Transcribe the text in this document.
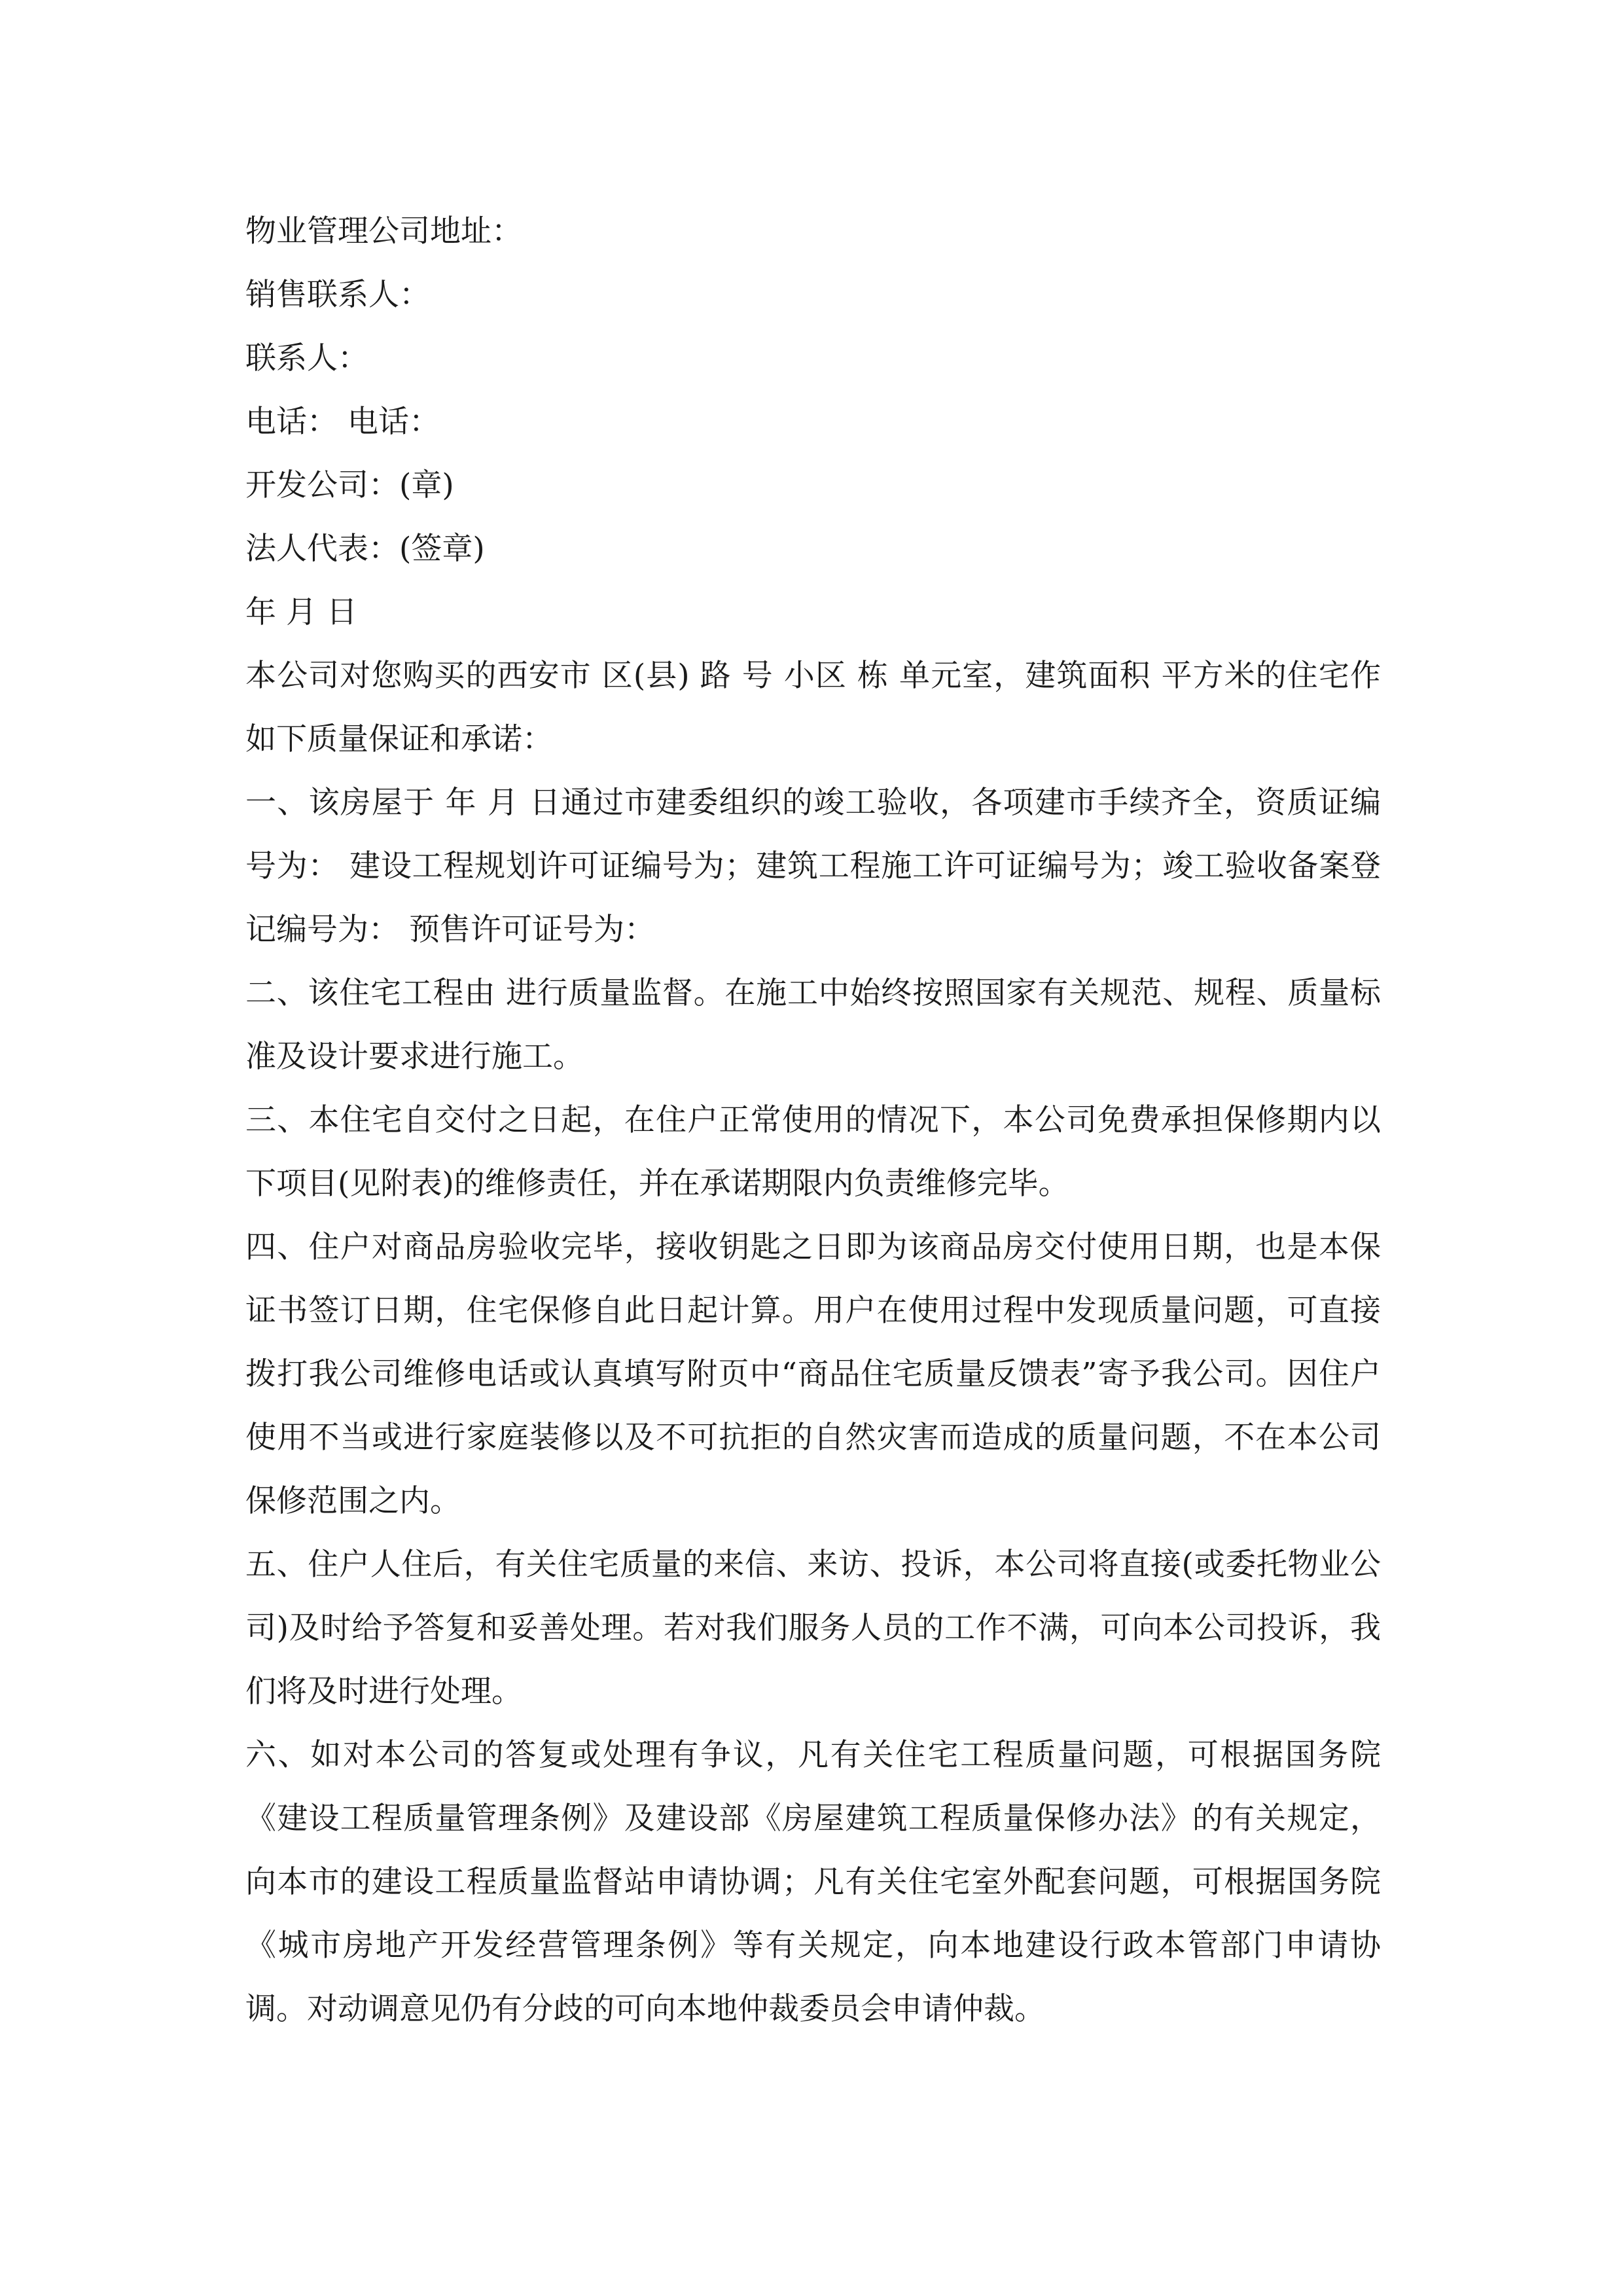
物业管理公司地址：

销售联系人：

联系人：

电话： 电话：

开发公司：(章)

法人代表：(签章)

年 月 日

本公司对您购买的西安市 区(县) 路 号 小区 栋 单元室，建筑面积 平方米的住宅作如下质量保证和承诺：

一、该房屋于 年 月 日通过市建委组织的竣工验收，各项建市手续齐全，资质证编号为： 建设工程规划许可证编号为；建筑工程施工许可证编号为；竣工验收备案登记编号为： 预售许可证号为：

二、该住宅工程由 进行质量监督。在施工中始终按照国家有关规范、规程、质量标准及设计要求进行施工。

三、本住宅自交付之日起，在住户正常使用的情况下，本公司免费承担保修期内以下项目(见附表)的维修责任，并在承诺期限内负责维修完毕。

四、住户对商品房验收完毕，接收钥匙之日即为该商品房交付使用日期，也是本保证书签订日期，住宅保修自此日起计算。用户在使用过程中发现质量问题，可直接拨打我公司维修电话或认真填写附页中“商品住宅质量反馈表”寄予我公司。因住户使用不当或进行家庭装修以及不可抗拒的自然灾害而造成的质量问题，不在本公司保修范围之内。

五、住户人住后，有关住宅质量的来信、来访、投诉，本公司将直接(或委托物业公司)及时给予答复和妥善处理。若对我们服务人员的工作不满，可向本公司投诉，我们将及时进行处理。

六、如对本公司的答复或处理有争议，凡有关住宅工程质量问题，可根据国务院《建设工程质量管理条例》及建设部《房屋建筑工程质量保修办法》的有关规定，向本市的建设工程质量监督站申请协调；凡有关住宅室外配套问题，可根据国务院《城市房地产开发经营管理条例》等有关规定，向本地建设行政本管部门申请协调。对动调意见仍有分歧的可向本地仲裁委员会申请仲裁。
